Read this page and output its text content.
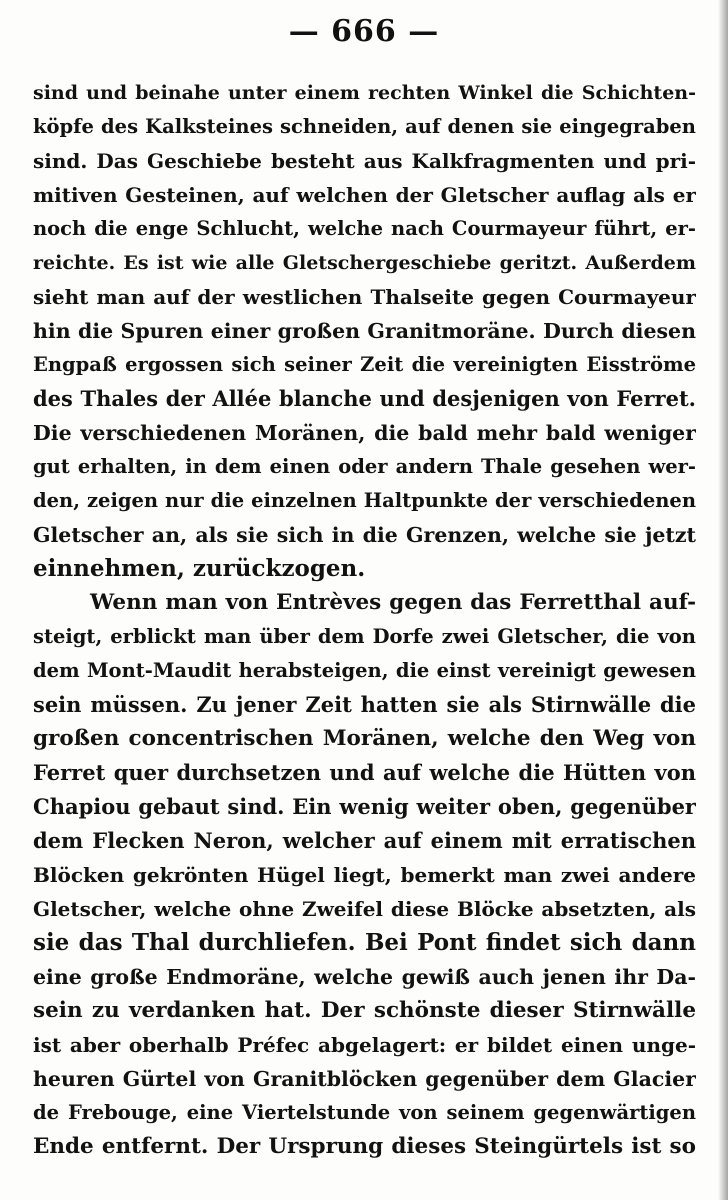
— 666 —
sind und beinahe unter einem rechten Winkel die Schichten-
köpfe des Kalksteines schneiden, auf denen sie eingegraben
sind. Das Geschiebe besteht aus Kalkfragmenten und pri-
mitiven Gesteinen, auf welchen der Gletscher auflag als er
noch die enge Schlucht, welche nach Courmayeur führt, er-
reichte. Es ist wie alle Gletschergeschiebe geritzt. Außerdem
sieht man auf der westlichen Thalseite gegen Courmayeur
hin die Spuren einer großen Granitmoräne. Durch diesen
Engpaß ergossen sich seiner Zeit die vereinigten Eisströme
des Thales der Allée blanche und desjenigen von Ferret.
Die verschiedenen Moränen, die bald mehr bald weniger
gut erhalten, in dem einen oder andern Thale gesehen wer-
den, zeigen nur die einzelnen Haltpunkte der verschiedenen
Gletscher an, als sie sich in die Grenzen, welche sie jetzt
einnehmen, zurückzogen.
Wenn man von Entrèves gegen das Ferretthal auf-
steigt, erblickt man über dem Dorfe zwei Gletscher, die von
dem Mont-Maudit herabsteigen, die einst vereinigt gewesen
sein müssen. Zu jener Zeit hatten sie als Stirnwälle die
großen concentrischen Moränen, welche den Weg von
Ferret quer durchsetzen und auf welche die Hütten von
Chapiou gebaut sind. Ein wenig weiter oben, gegenüber
dem Flecken Neron, welcher auf einem mit erratischen
Blöcken gekrönten Hügel liegt, bemerkt man zwei andere
Gletscher, welche ohne Zweifel diese Blöcke absetzten, als
sie das Thal durchliefen. Bei Pont findet sich dann
eine große Endmoräne, welche gewiß auch jenen ihr Da-
sein zu verdanken hat. Der schönste dieser Stirnwälle
ist aber oberhalb Préfec abgelagert: er bildet einen unge-
heuren Gürtel von Granitblöcken gegenüber dem Glacier
de Frebouge, eine Viertelstunde von seinem gegenwärtigen
Ende entfernt. Der Ursprung dieses Steingürtels ist so
